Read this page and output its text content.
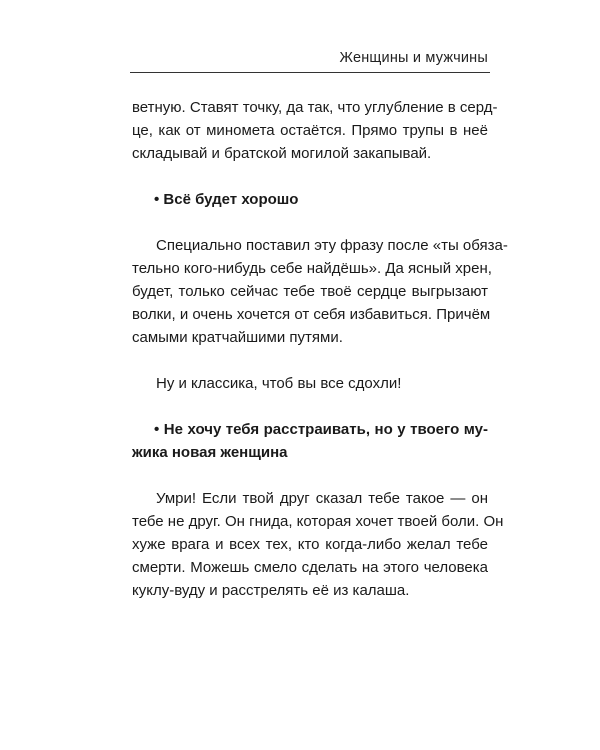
Женщины и мужчины

ветную. Ставят точку, да так, что углубление в серд-
це, как от миномета остаётся. Прямо трупы в неё
складывай и братской могилой закапывай.

• Всё будет хорошо

Специально поставил эту фразу после «ты обяза-
тельно кого-нибудь себе найдёшь». Да ясный хрен,
будет, только сейчас тебе твоё сердце выгрызают
волки, и очень хочется от себя избавиться. Причём
самыми кратчайшими путями.

Ну и классика, чтоб вы все сдохли!

• Не хочу тебя расстраивать, но у твоего му-
жика новая женщина

Умри! Если твой друг сказал тебе такое — он
тебе не друг. Он гнида, которая хочет твоей боли. Он
хуже врага и всех тех, кто когда-либо желал тебе
смерти. Можешь смело сделать на этого человека
куклу-вуду и расстрелять её из калаша.
